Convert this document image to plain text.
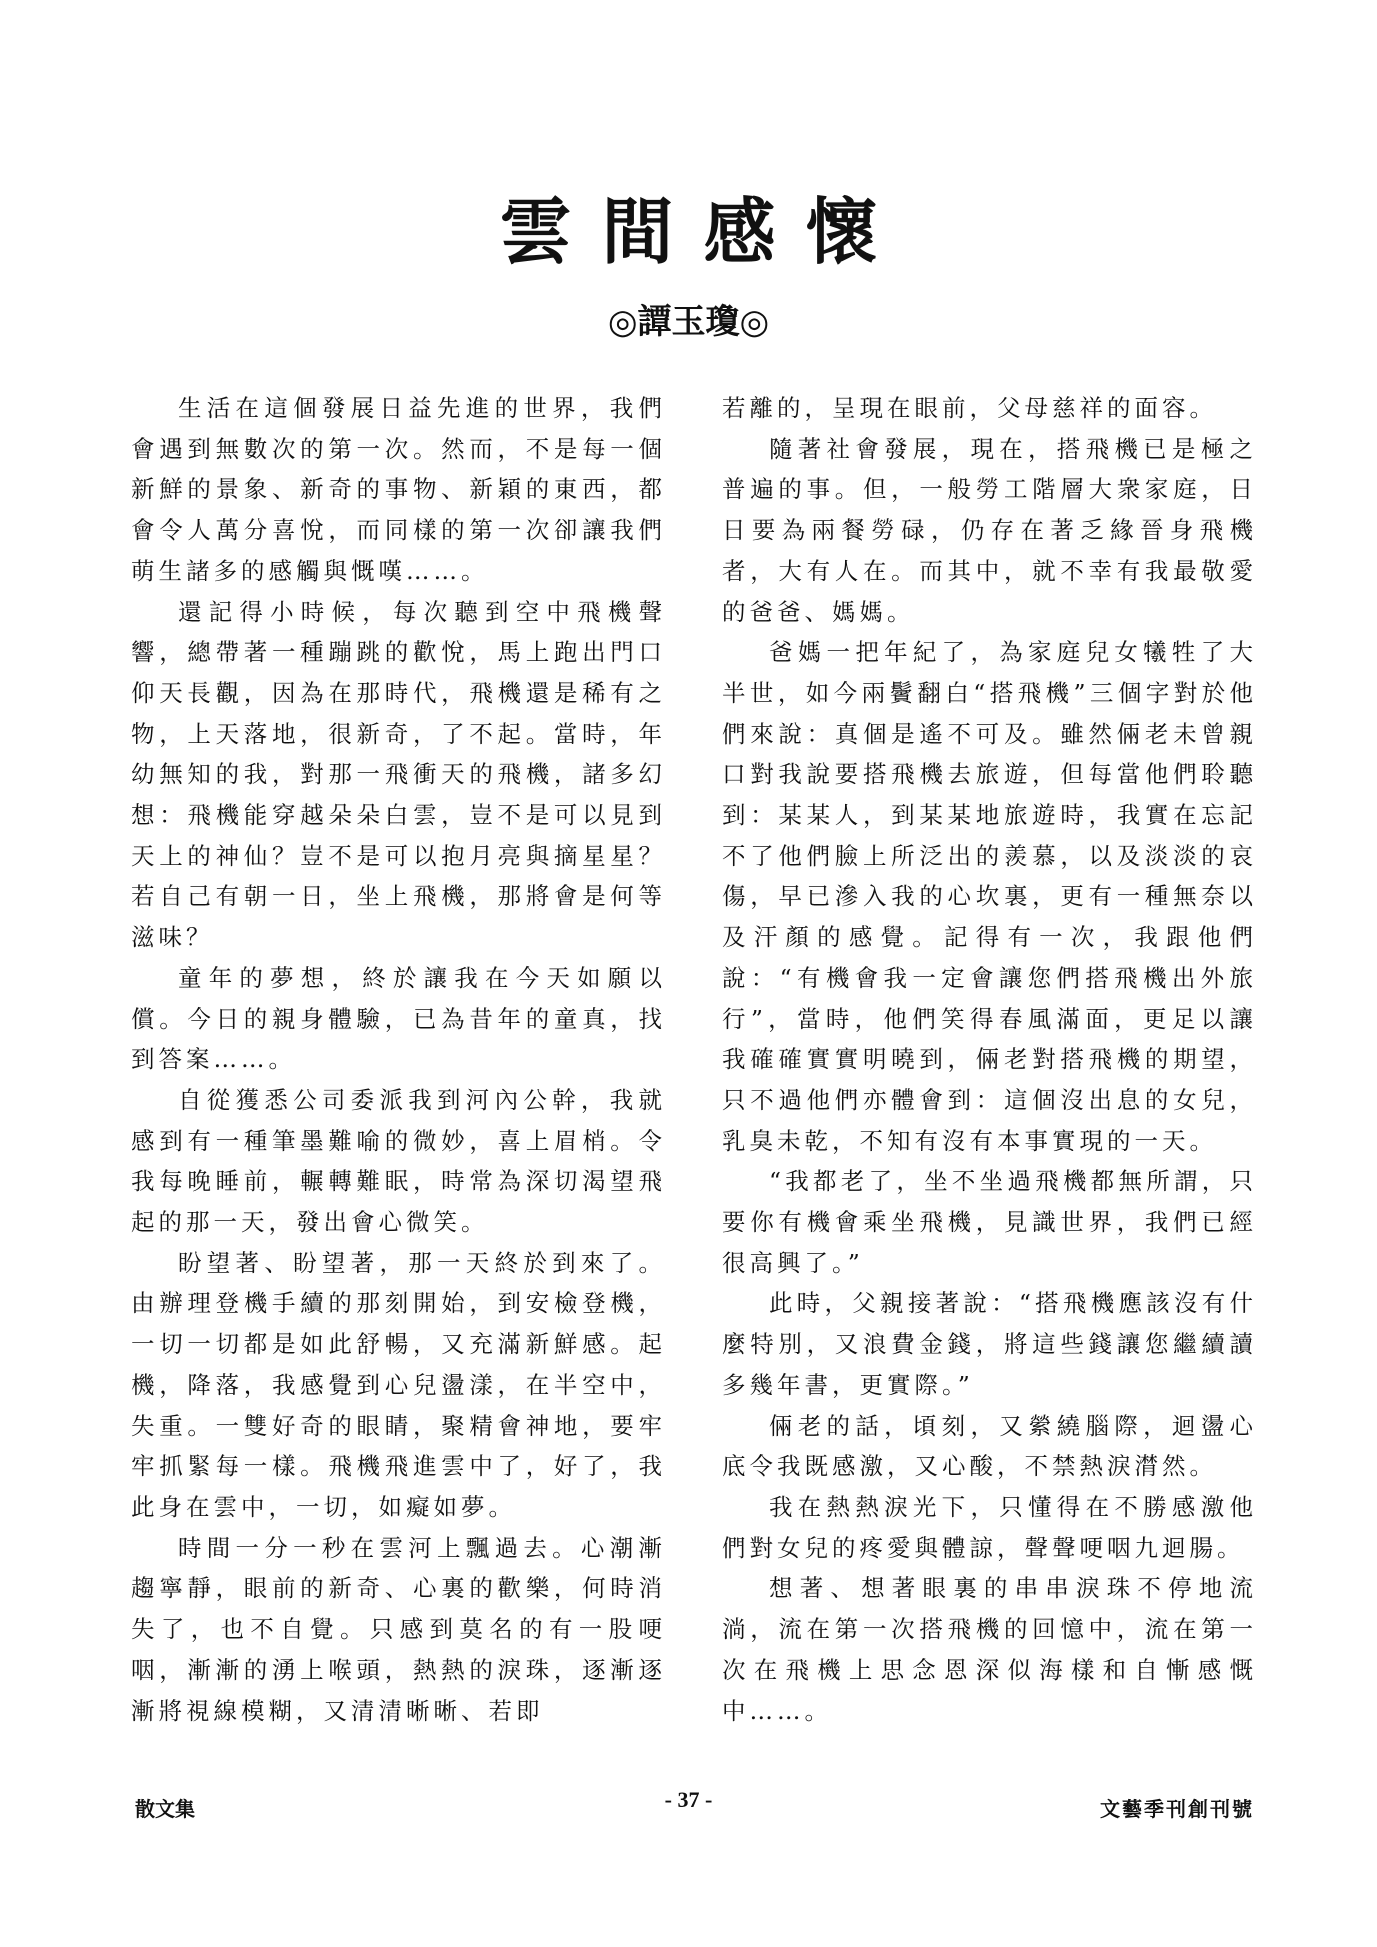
雲間感懷
◎譚玉瓊◎

生活在這個發展日益先進的世界，我們會遇到無數次的第一次。然而，不是每一個新鮮的景象、新奇的事物、新穎的東西，都會令人萬分喜悅，而同樣的第一次卻讓我們萌生諸多的感觸與慨嘆……。

還記得小時候，每次聽到空中飛機聲響，總帶著一種蹦跳的歡悅，馬上跑出門口仰天長觀，因為在那時代，飛機還是稀有之物，上天落地，很新奇，了不起。當時，年幼無知的我，對那一飛衝天的飛機，諸多幻想：飛機能穿越朵朵白雲，豈不是可以見到天上的神仙？豈不是可以抱月亮與摘星星？若自己有朝一日，坐上飛機，那將會是何等滋味？

童年的夢想，終於讓我在今天如願以償。今日的親身體驗，已為昔年的童真，找到答案……。

自從獲悉公司委派我到河內公幹，我就感到有一種筆墨難喻的微妙，喜上眉梢。令我每晚睡前，輾轉難眠，時常為深切渴望飛起的那一天，發出會心微笑。

盼望著、盼望著，那一天終於到來了。由辦理登機手續的那刻開始，到安檢登機，一切一切都是如此舒暢，又充滿新鮮感。起機，降落，我感覺到心兒盪漾，在半空中，失重。一雙好奇的眼睛，聚精會神地，要牢牢抓緊每一樣。飛機飛進雲中了，好了，我此身在雲中，一切，如癡如夢。

時間一分一秒在雲河上飄過去。心潮漸趨寧靜，眼前的新奇、心裏的歡樂，何時消失了，也不自覺。只感到莫名的有一股哽咽，漸漸的湧上喉頭，熱熱的淚珠，逐漸逐漸將視線模糊，又清清晰晰、若即

若離的，呈現在眼前，父母慈祥的面容。

隨著社會發展，現在，搭飛機已是極之普遍的事。但，一般勞工階層大衆家庭，日日要為兩餐勞碌，仍存在著乏緣晉身飛機者，大有人在。而其中，就不幸有我最敬愛的爸爸、媽媽。

爸媽一把年紀了，為家庭兒女犧牲了大半世，如今兩鬢翻白“搭飛機”三個字對於他們來說：真個是遙不可及。雖然倆老未曾親口對我說要搭飛機去旅遊，但每當他們聆聽到：某某人，到某某地旅遊時，我實在忘記不了他們臉上所泛出的羨慕，以及淡淡的哀傷，早已滲入我的心坎裏，更有一種無奈以及汗顏的感覺。記得有一次，我跟他們說：“有機會我一定會讓您們搭飛機出外旅行”，當時，他們笑得春風滿面，更足以讓我確確實實明曉到，倆老對搭飛機的期望，只不過他們亦體會到：這個沒出息的女兒，乳臭未乾，不知有沒有本事實現的一天。

“我都老了，坐不坐過飛機都無所謂，只要你有機會乘坐飛機，見識世界，我們已經很高興了。”

此時，父親接著說：“搭飛機應該沒有什麼特別，又浪費金錢，將這些錢讓您繼續讀多幾年書，更實際。”

倆老的話，頃刻，又縈繞腦際，迴盪心底令我既感激，又心酸，不禁熱淚潸然。

我在熱熱淚光下，只懂得在不勝感激他們對女兒的疼愛與體諒，聲聲哽咽九迴腸。

想著、想著眼裏的串串淚珠不停地流淌，流在第一次搭飛機的回憶中，流在第一次在飛機上思念恩深似海樣和自慚感慨中……。

散文集	- 37 -	文藝季刊創刊號
